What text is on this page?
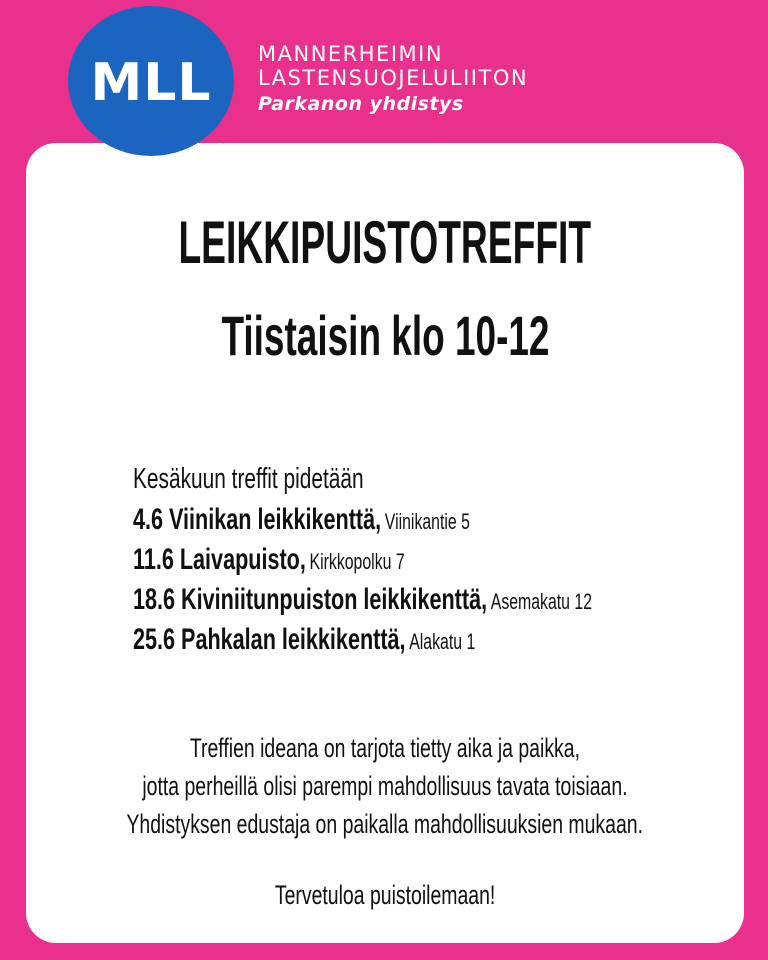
MLL MANNERHEIMIN
LASTENSUOJELULIITON
Parkanon yhdistys
LEIKKIPUISTOTREFFIT
Tiistaisin klo 10-12
Kesäkuun treffit pidetään
4.6 Viinikan leikkikenttä, Viinikantie 5
11.6 Laivapuisto, Kirkkopolku 7
18.6 Kiviniitunpuiston leikkikenttä, Asemakatu 12
25.6 Pahkalan leikkikenttä, Alakatu 1
Treffien ideana on tarjota tietty aika ja paikka,
jotta perheillä olisi parempi mahdollisuus tavata toisiaan.
Yhdistyksen edustaja on paikalla mahdollisuuksien mukaan.
Tervetuloa puistoilemaan!
